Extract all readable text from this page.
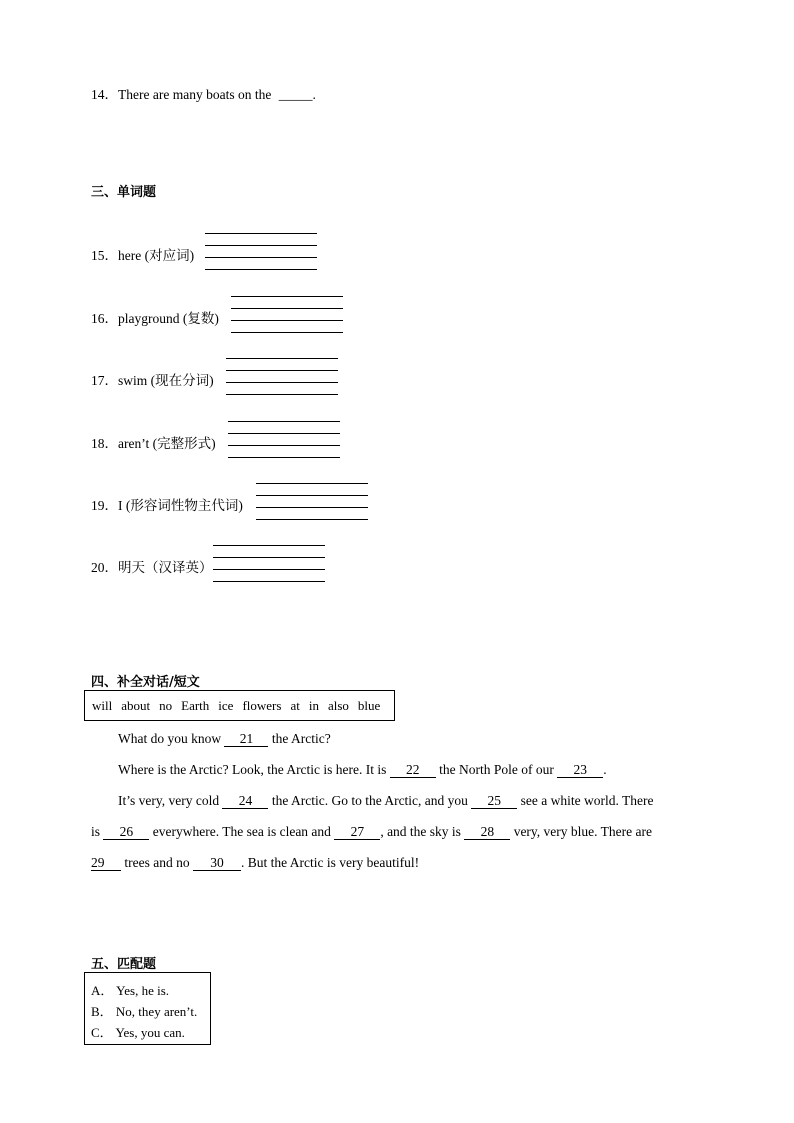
14．There are many boats on the _____.
三、单词题
15．here (对应词)
16．playground (复数)
17．swim (现在分词)
18．aren’t (完整形式)
19．I (形容词性物主代词)
20．明天（汉译英）
四、补全对话/短文
will about no Earth ice flowers at in also blue
What do you know 21 the Arctic?
Where is the Arctic? Look, the Arctic is here. It is 22 the North Pole of our 23 .
It’s very, very cold 24 the Arctic. Go to the Arctic, and you 25 see a white world. There
is 26 everywhere. The sea is clean and 27 , and the sky is 28 very, very blue. There are
29 trees and no 30 . But the Arctic is very beautiful!
五、匹配题
A． Yes, he is.
B． No, they aren’t.
C． Yes, you can.
